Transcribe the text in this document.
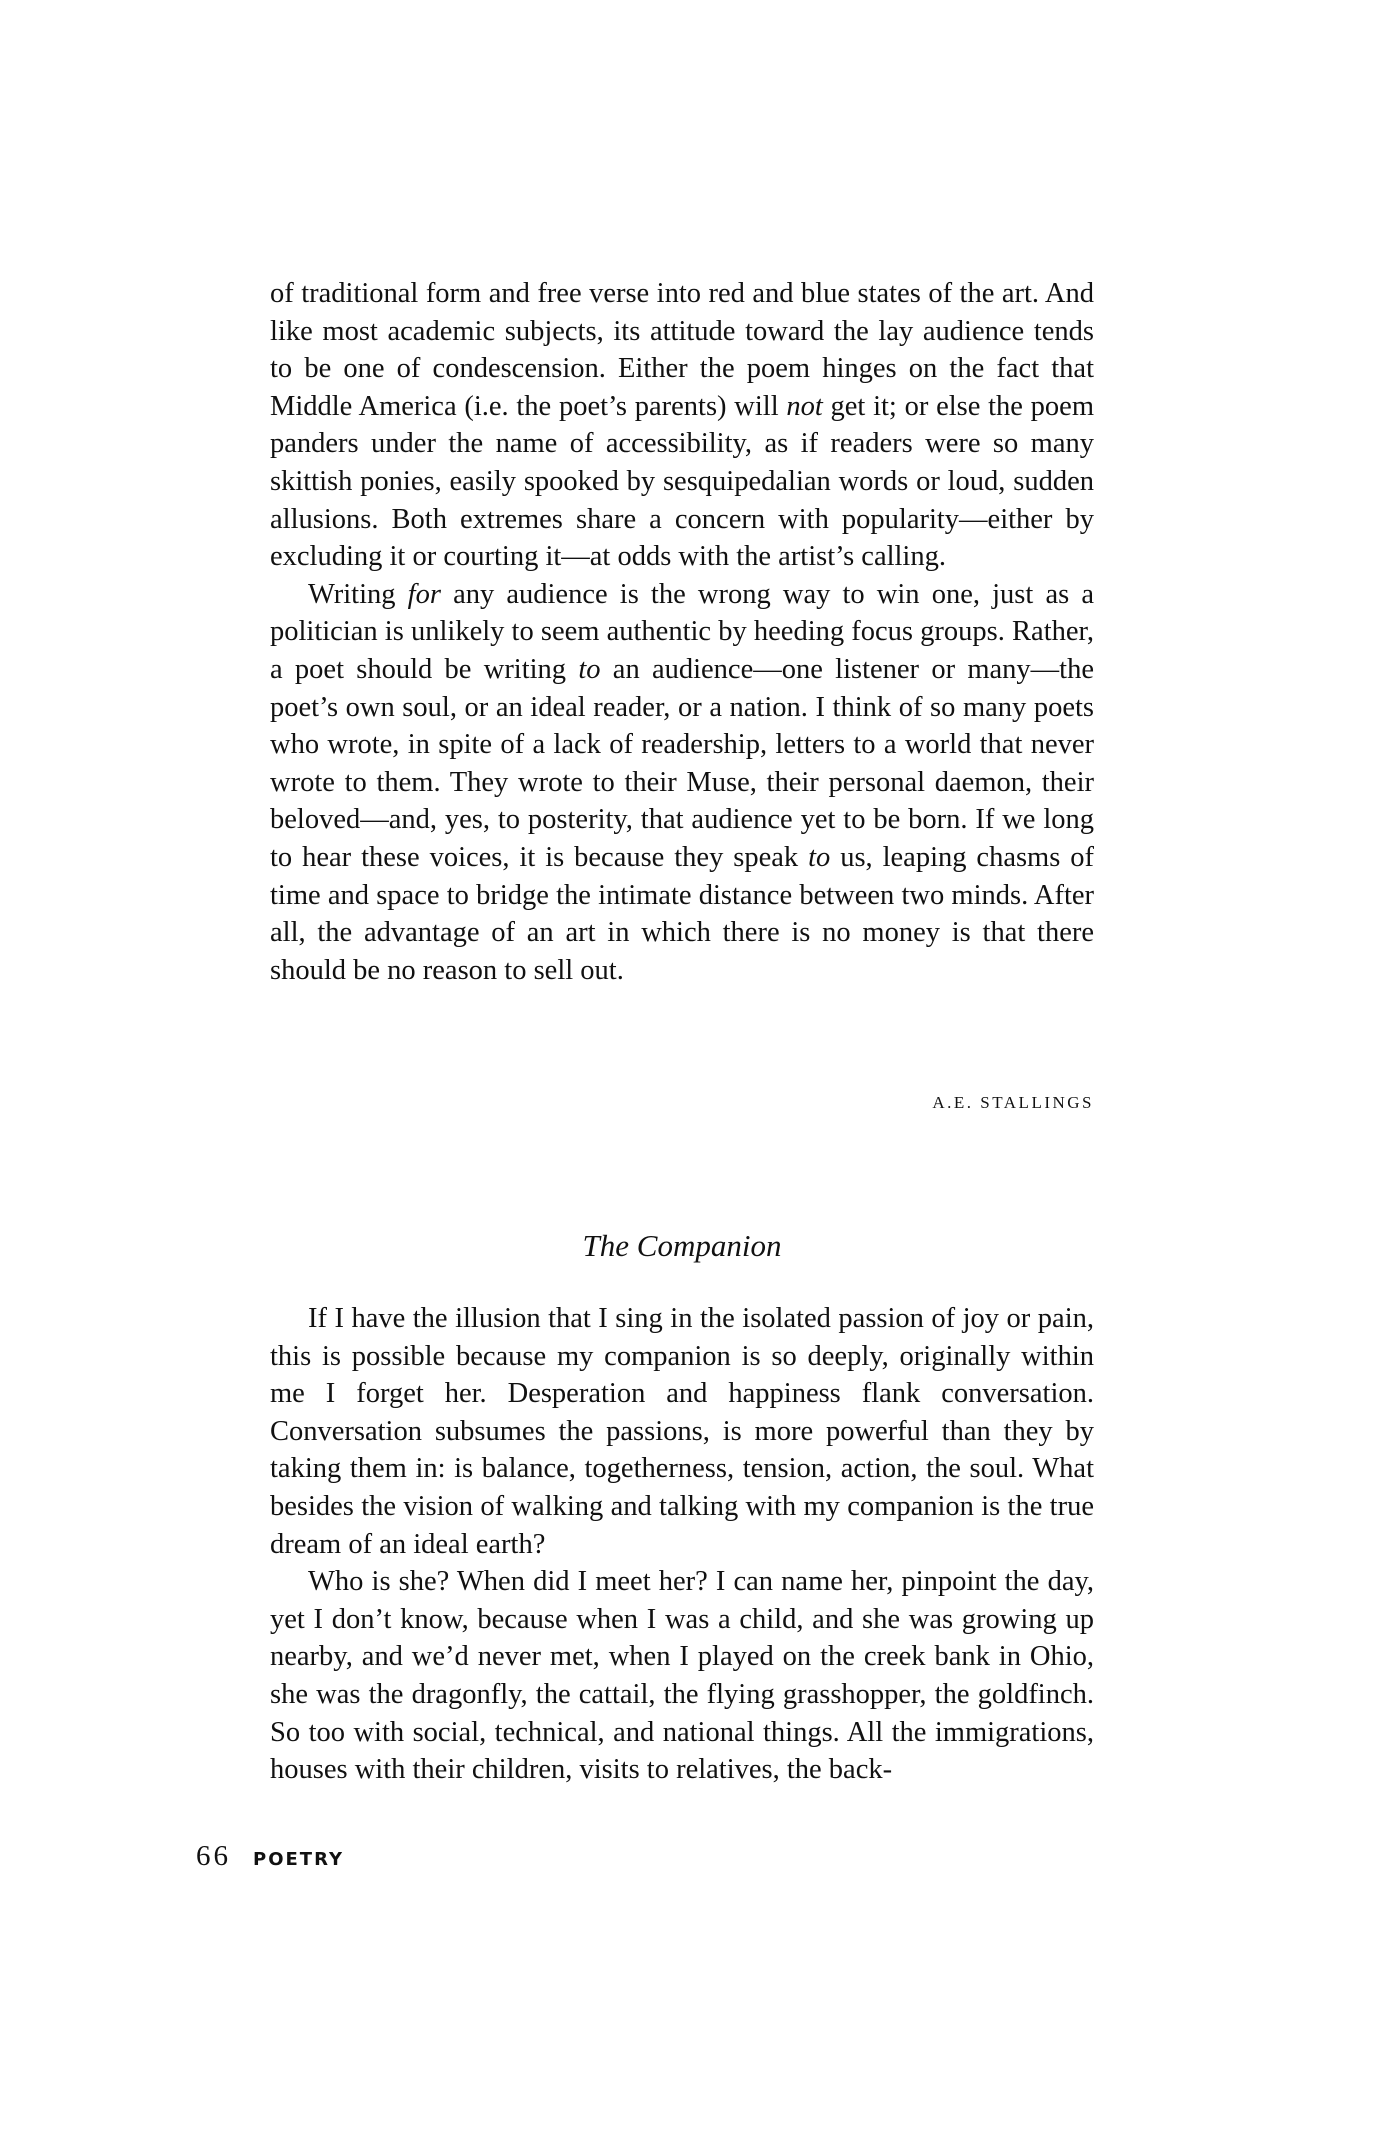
of traditional form and free verse into red and blue states of the art. And like most academic subjects, its attitude toward the lay audience tends to be one of condescension. Either the poem hinges on the fact that Middle America (i.e. the poet’s parents) will not get it; or else the poem panders under the name of accessibility, as if readers were so many skittish ponies, easily spooked by sesquipedalian words or loud, sudden allusions. Both extremes share a concern with popularity—either by excluding it or courting it—at odds with the artist’s calling.

Writing for any audience is the wrong way to win one, just as a politician is unlikely to seem authentic by heeding focus groups. Rather, a poet should be writing to an audience—one listener or many—the poet’s own soul, or an ideal reader, or a nation. I think of so many poets who wrote, in spite of a lack of readership, letters to a world that never wrote to them. They wrote to their Muse, their personal daemon, their beloved—and, yes, to posterity, that audience yet to be born. If we long to hear these voices, it is because they speak to us, leaping chasms of time and space to bridge the intimate distance between two minds. After all, the advantage of an art in which there is no money is that there should be no reason to sell out.

A.E. STALLINGS
The Companion

If I have the illusion that I sing in the isolated passion of joy or pain, this is possible because my companion is so deeply, originally within me I forget her. Desperation and happiness flank conversation. Conversation subsumes the passions, is more powerful than they by taking them in: is balance, togetherness, tension, action, the soul. What besides the vision of walking and talking with my companion is the true dream of an ideal earth?

Who is she? When did I meet her? I can name her, pinpoint the day, yet I don’t know, because when I was a child, and she was growing up nearby, and we’d never met, when I played on the creek bank in Ohio, she was the dragonfly, the cattail, the flying grasshopper, the goldfinch. So too with social, technical, and national things. All the immigrations, houses with their children, visits to relatives, the back-

66 POETRY
